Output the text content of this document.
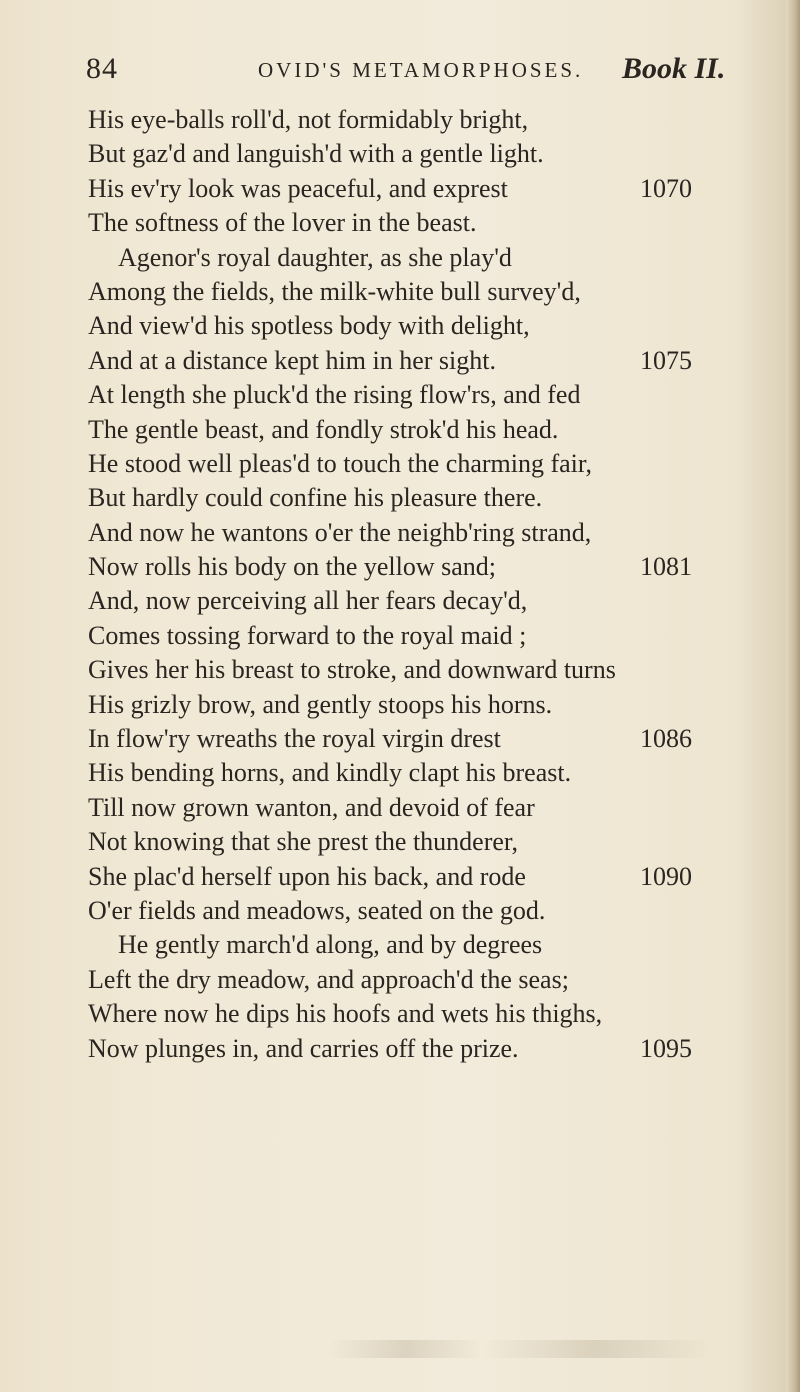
84	OVID'S METAMORPHOSES. Book II.
His eye-balls roll'd, not formidably bright,
But gaz'd and languish'd with a gentle light.
His ev'ry look was peaceful, and exprest	1070
The softness of the lover in the beast.
Agenor's royal daughter, as she play'd
Among the fields, the milk-white bull survey'd,
And view'd his spotless body with delight,
And at a distance kept him in her sight.	1075
At length she pluck'd the rising flow'rs, and fed
The gentle beast, and fondly strok'd his head.
He stood well pleas'd to touch the charming fair,
But hardly could confine his pleasure there.
And now he wantons o'er the neighb'ring strand,
Now rolls his body on the yellow sand;	1081
And, now perceiving all her fears decay'd,
Comes tossing forward to the royal maid ;
Gives her his breast to stroke, and downward turns
His grizly brow, and gently stoops his horns.
In flow'ry wreaths the royal virgin drest	1086
His bending horns, and kindly clapt his breast.
Till now grown wanton, and devoid of fear
Not knowing that she prest the thunderer,
She plac'd herself upon his back, and rode	1090
O'er fields and meadows, seated on the god.
He gently march'd along, and by degrees
Left the dry meadow, and approach'd the seas;
Where now he dips his hoofs and wets his thighs,
Now plunges in, and carries off the prize.	1095
